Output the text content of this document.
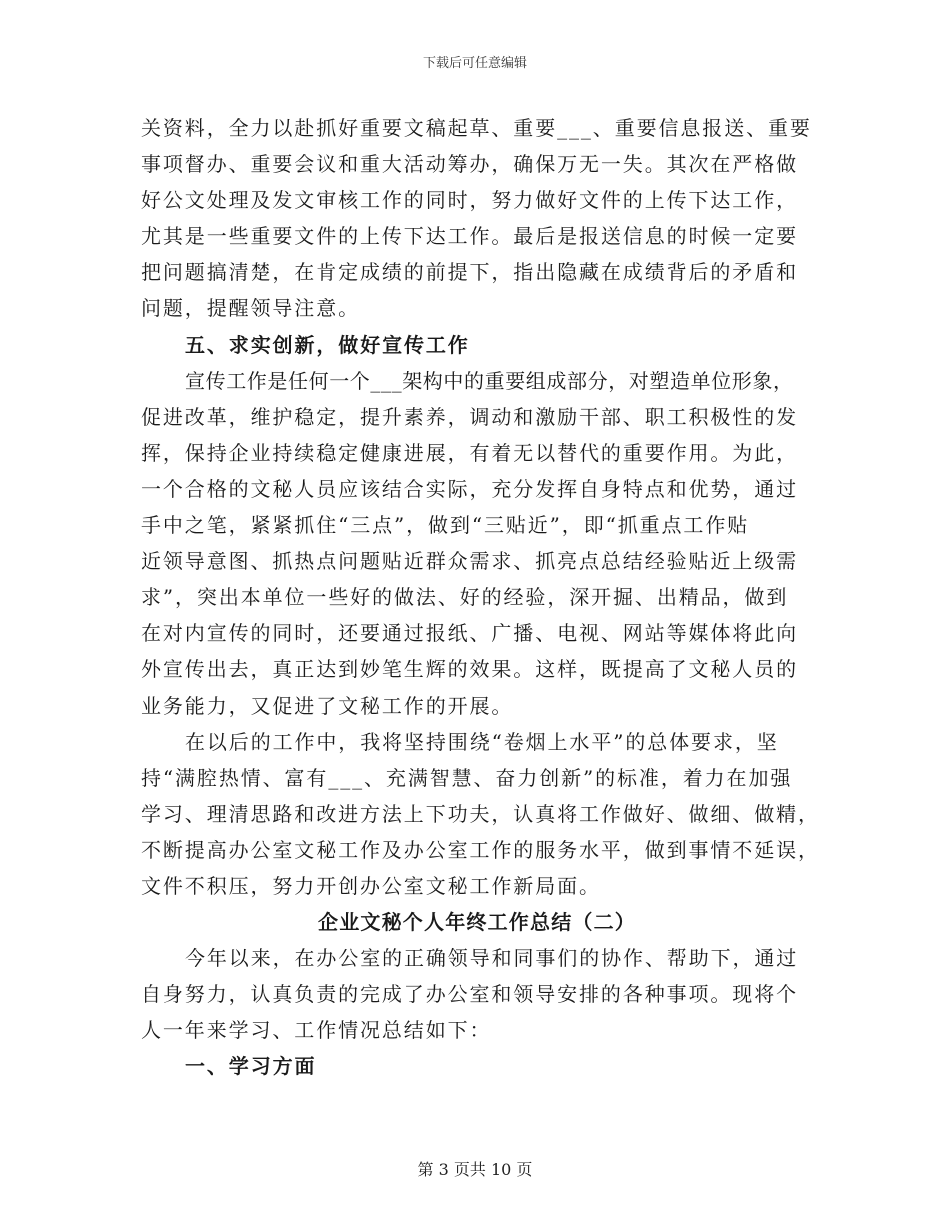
下载后可任意编辑
关资料，全力以赴抓好重要文稿起草、重要___、重要信息报送、重要
事项督办、重要会议和重大活动筹办，确保万无一失。其次在严格做
好公文处理及发文审核工作的同时，努力做好文件的上传下达工作，
尤其是一些重要文件的上传下达工作。最后是报送信息的时候一定要
把问题搞清楚，在肯定成绩的前提下，指出隐藏在成绩背后的矛盾和
问题，提醒领导注意。
五、求实创新，做好宣传工作
宣传工作是任何一个___架构中的重要组成部分，对塑造单位形象，
促进改革，维护稳定，提升素养，调动和激励干部、职工积极性的发
挥，保持企业持续稳定健康进展，有着无以替代的重要作用。为此，
一个合格的文秘人员应该结合实际，充分发挥自身特点和优势，通过
手中之笔，紧紧抓住“三点”，做到“三贴近”，即“抓重点工作贴
近领导意图、抓热点问题贴近群众需求、抓亮点总结经验贴近上级需
求”，突出本单位一些好的做法、好的经验，深开掘、出精品，做到
在对内宣传的同时，还要通过报纸、广播、电视、网站等媒体将此向
外宣传出去，真正达到妙笔生辉的效果。这样，既提高了文秘人员的
业务能力，又促进了文秘工作的开展。
在以后的工作中，我将坚持围绕“卷烟上水平”的总体要求，坚
持“满腔热情、富有___、充满智慧、奋力创新”的标准，着力在加强
学习、理清思路和改进方法上下功夫，认真将工作做好、做细、做精，
不断提高办公室文秘工作及办公室工作的服务水平，做到事情不延误，
文件不积压，努力开创办公室文秘工作新局面。
企业文秘个人年终工作总结（二）
今年以来，在办公室的正确领导和同事们的协作、帮助下，通过
自身努力，认真负责的完成了办公室和领导安排的各种事项。现将个
人一年来学习、工作情况总结如下：
一、学习方面
第 3 页共 10 页
